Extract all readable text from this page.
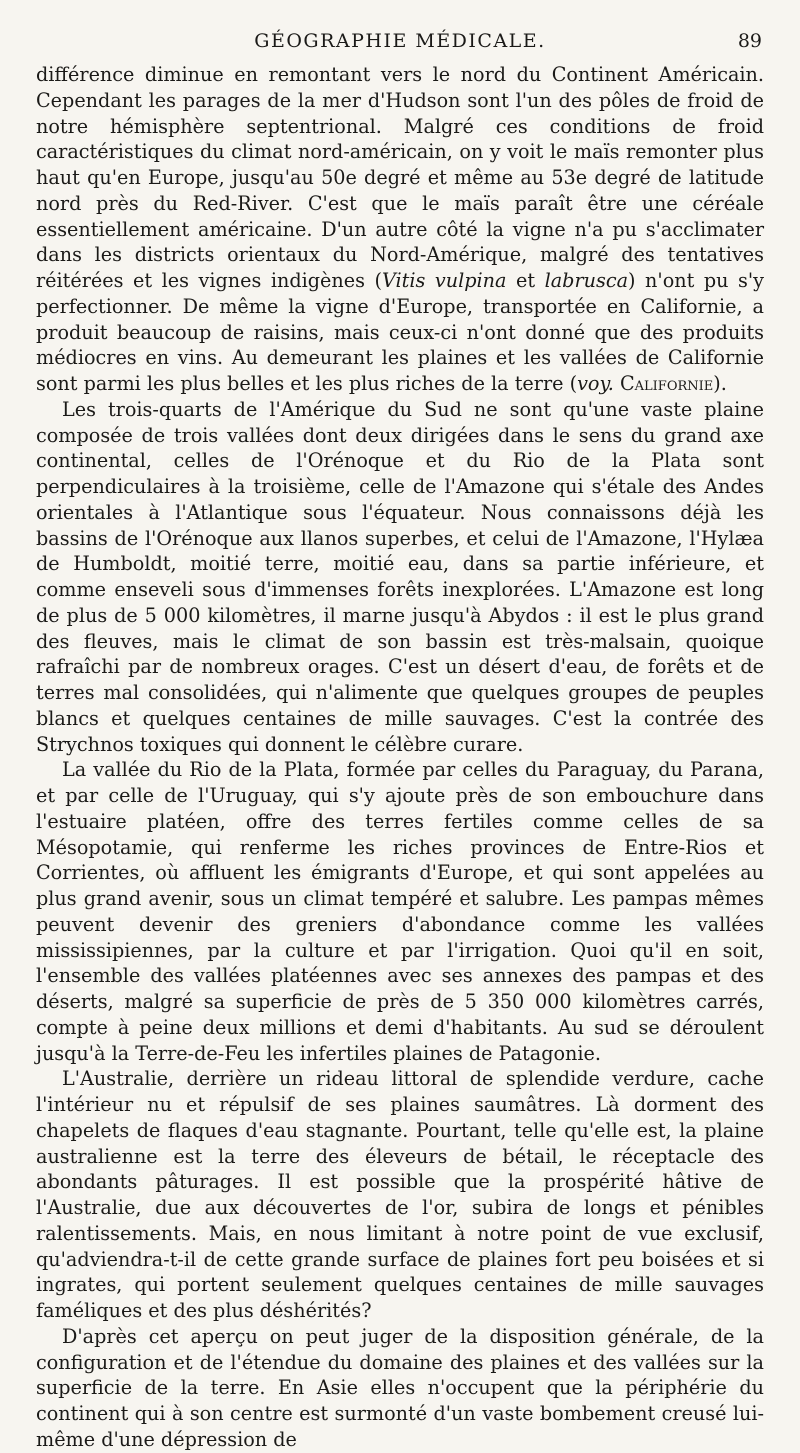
GÉOGRAPHIE MÉDICALE.	89

différence diminue en remontant vers le nord du Continent Américain. Cependant les parages de la mer d'Hudson sont l'un des pôles de froid de notre hémisphère septentrional. Malgré ces conditions de froid caractéristiques du climat nord-américain, on y voit le maïs remonter plus haut qu'en Europe, jusqu'au 50e degré et même au 53e degré de latitude nord près du Red-River. C'est que le maïs paraît être une céréale essentiellement américaine. D'un autre côté la vigne n'a pu s'acclimater dans les districts orientaux du Nord-Amérique, malgré des tentatives réitérées et les vignes indigènes (Vitis vulpina et labrusca) n'ont pu s'y perfectionner. De même la vigne d'Europe, transportée en Californie, a produit beaucoup de raisins, mais ceux-ci n'ont donné que des produits médiocres en vins. Au demeurant les plaines et les vallées de Californie sont parmi les plus belles et les plus riches de la terre (voy. Californie).

Les trois-quarts de l'Amérique du Sud ne sont qu'une vaste plaine composée de trois vallées dont deux dirigées dans le sens du grand axe continental, celles de l'Orénoque et du Rio de la Plata sont perpendiculaires à la troisième, celle de l'Amazone qui s'étale des Andes orientales à l'Atlantique sous l'équateur. Nous connaissons déjà les bassins de l'Orénoque aux llanos superbes, et celui de l'Amazone, l'Hylæa de Humboldt, moitié terre, moitié eau, dans sa partie inférieure, et comme enseveli sous d'immenses forêts inexplorées. L'Amazone est long de plus de 5 000 kilomètres, il marne jusqu'à Abydos : il est le plus grand des fleuves, mais le climat de son bassin est très-malsain, quoique rafraîchi par de nombreux orages. C'est un désert d'eau, de forêts et de terres mal consolidées, qui n'alimente que quelques groupes de peuples blancs et quelques centaines de mille sauvages. C'est la contrée des Strychnos toxiques qui donnent le célèbre curare.

La vallée du Rio de la Plata, formée par celles du Paraguay, du Parana, et par celle de l'Uruguay, qui s'y ajoute près de son embouchure dans l'estuaire platéen, offre des terres fertiles comme celles de sa Mésopotamie, qui renferme les riches provinces de Entre-Rios et Corrientes, où affluent les émigrants d'Europe, et qui sont appelées au plus grand avenir, sous un climat tempéré et salubre. Les pampas mêmes peuvent devenir des greniers d'abondance comme les vallées mississipiennes, par la culture et par l'irrigation. Quoi qu'il en soit, l'ensemble des vallées platéennes avec ses annexes des pampas et des déserts, malgré sa superficie de près de 5 350 000 kilomètres carrés, compte à peine deux millions et demi d'habitants. Au sud se déroulent jusqu'à la Terre-de-Feu les infertiles plaines de Patagonie.

L'Australie, derrière un rideau littoral de splendide verdure, cache l'intérieur nu et répulsif de ses plaines saumâtres. Là dorment des chapelets de flaques d'eau stagnante. Pourtant, telle qu'elle est, la plaine australienne est la terre des éleveurs de bétail, le réceptacle des abondants pâturages. Il est possible que la prospérité hâtive de l'Australie, due aux découvertes de l'or, subira de longs et pénibles ralentissements. Mais, en nous limitant à notre point de vue exclusif, qu'adviendra-t-il de cette grande surface de plaines fort peu boisées et si ingrates, qui portent seulement quelques centaines de mille sauvages faméliques et des plus déshérités?

D'après cet aperçu on peut juger de la disposition générale, de la configuration et de l'étendue du domaine des plaines et des vallées sur la superficie de la terre. En Asie elles n'occupent que la périphérie du continent qui à son centre est surmonté d'un vaste bombement creusé lui-même d'une dépression de
